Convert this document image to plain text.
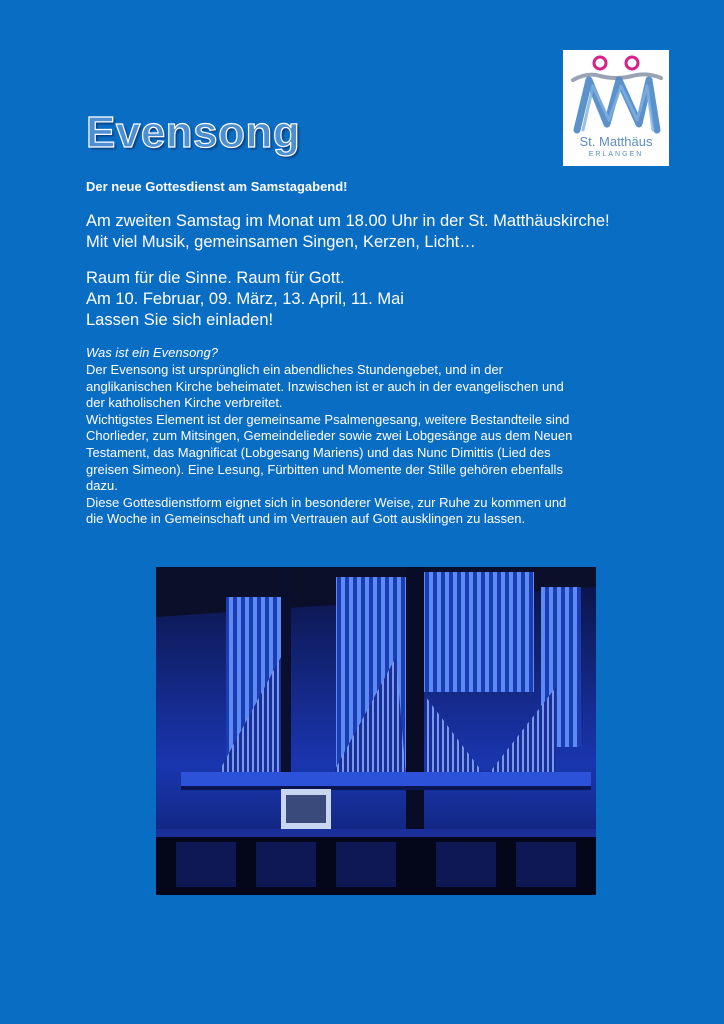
St. Matthäus
ERLANGEN
Evensong
Der neue Gottesdienst am Samstagabend!
Am zweiten Samstag im Monat um 18.00 Uhr in der St. Matthäuskirche!
Mit viel Musik, gemeinsamen Singen, Kerzen, Licht…
Raum für die Sinne. Raum für Gott.
Am 10. Februar, 09. März, 13. April, 11. Mai
Lassen Sie sich einladen!
Was ist ein Evensong?
Der Evensong ist ursprünglich ein abendliches Stundengebet, und in der
anglikanischen Kirche beheimatet. Inzwischen ist er auch in der evangelischen und
der katholischen Kirche verbreitet.
Wichtigstes Element ist der gemeinsame Psalmengesang, weitere Bestandteile sind
Chorlieder, zum Mitsingen, Gemeindelieder sowie zwei Lobgesänge aus dem Neuen
Testament, das Magnificat (Lobgesang Mariens) und das Nunc Dimittis (Lied des
greisen Simeon). Eine Lesung, Fürbitten und Momente der Stille gehören ebenfalls
dazu.
Diese Gottesdienstform eignet sich in besonderer Weise, zur Ruhe zu kommen und
die Woche in Gemeinschaft und im Vertrauen auf Gott ausklingen zu lassen.
